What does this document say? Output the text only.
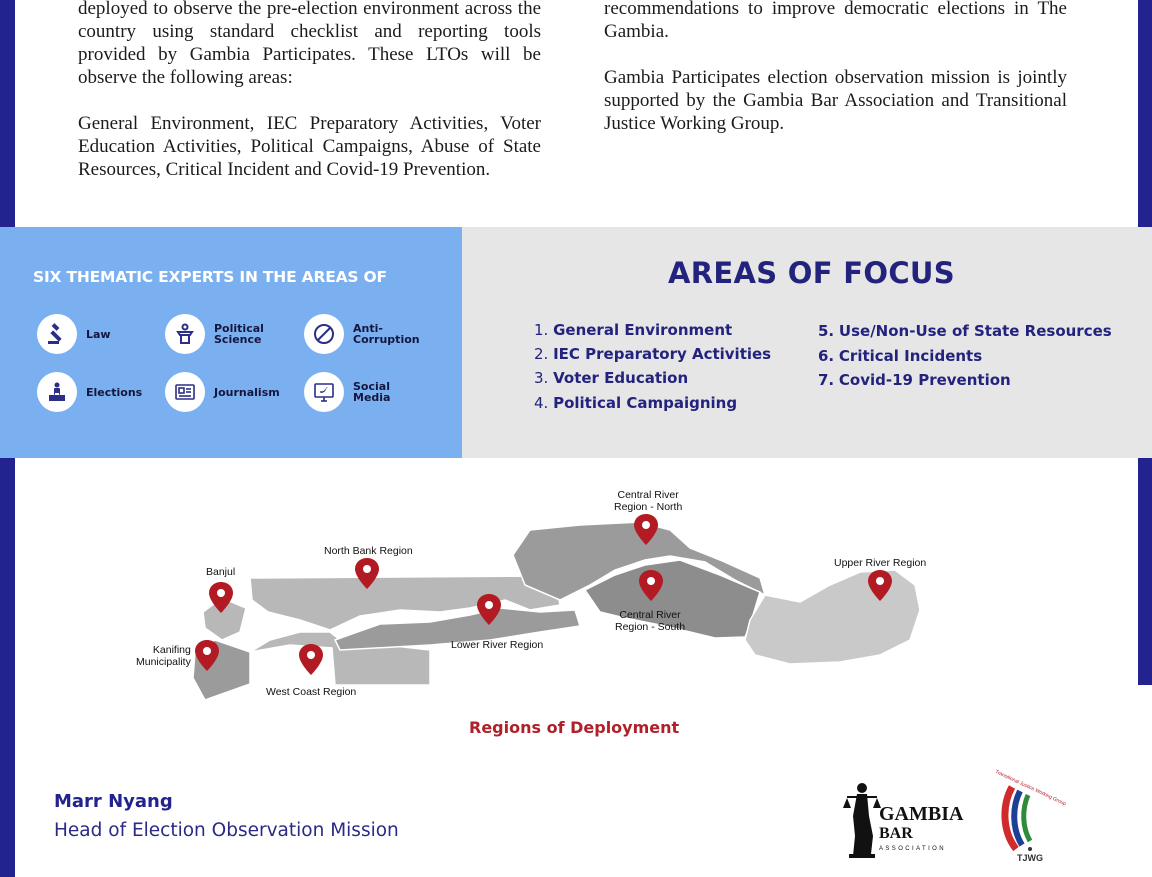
deployed to observe the pre-election environment across the country using standard checklist and reporting tools provided by Gambia Participates. These LTOs will be observe the following areas:

General Environment, IEC Preparatory Activities, Voter Education Activities, Political Campaigns, Abuse of State Resources, Critical Incident and Covid-19 Prevention.

recommendations to improve democratic elections in The Gambia.

Gambia Participates election observation mission is jointly supported by the Gambia Bar Association and Transitional Justice Working Group.

SIX THEMATIC EXPERTS IN THE AREAS OF
Law	Political
Science
Anti-
Corruption
Elections	Journalism	Social
Media
AREAS OF FOCUS
1. General Environment
2. IEC Preparatory Activities
3. Voter Education
4. Political Campaigning
5. Use/Non-Use of State Resources
6. Critical Incidents
7. Covid-19 Prevention
Banjul
North Bank Region
Kanifing
Municipality
West Coast Region
Lower River Region
Central River
Region - North
Central River
Region - South
Upper River Region
Regions of Deployment
Marr Nyang
Head of Election Observation Mission
GAMBIA
BAR
ASSOCIATION
Transitional Justice Working Group
TJWG
